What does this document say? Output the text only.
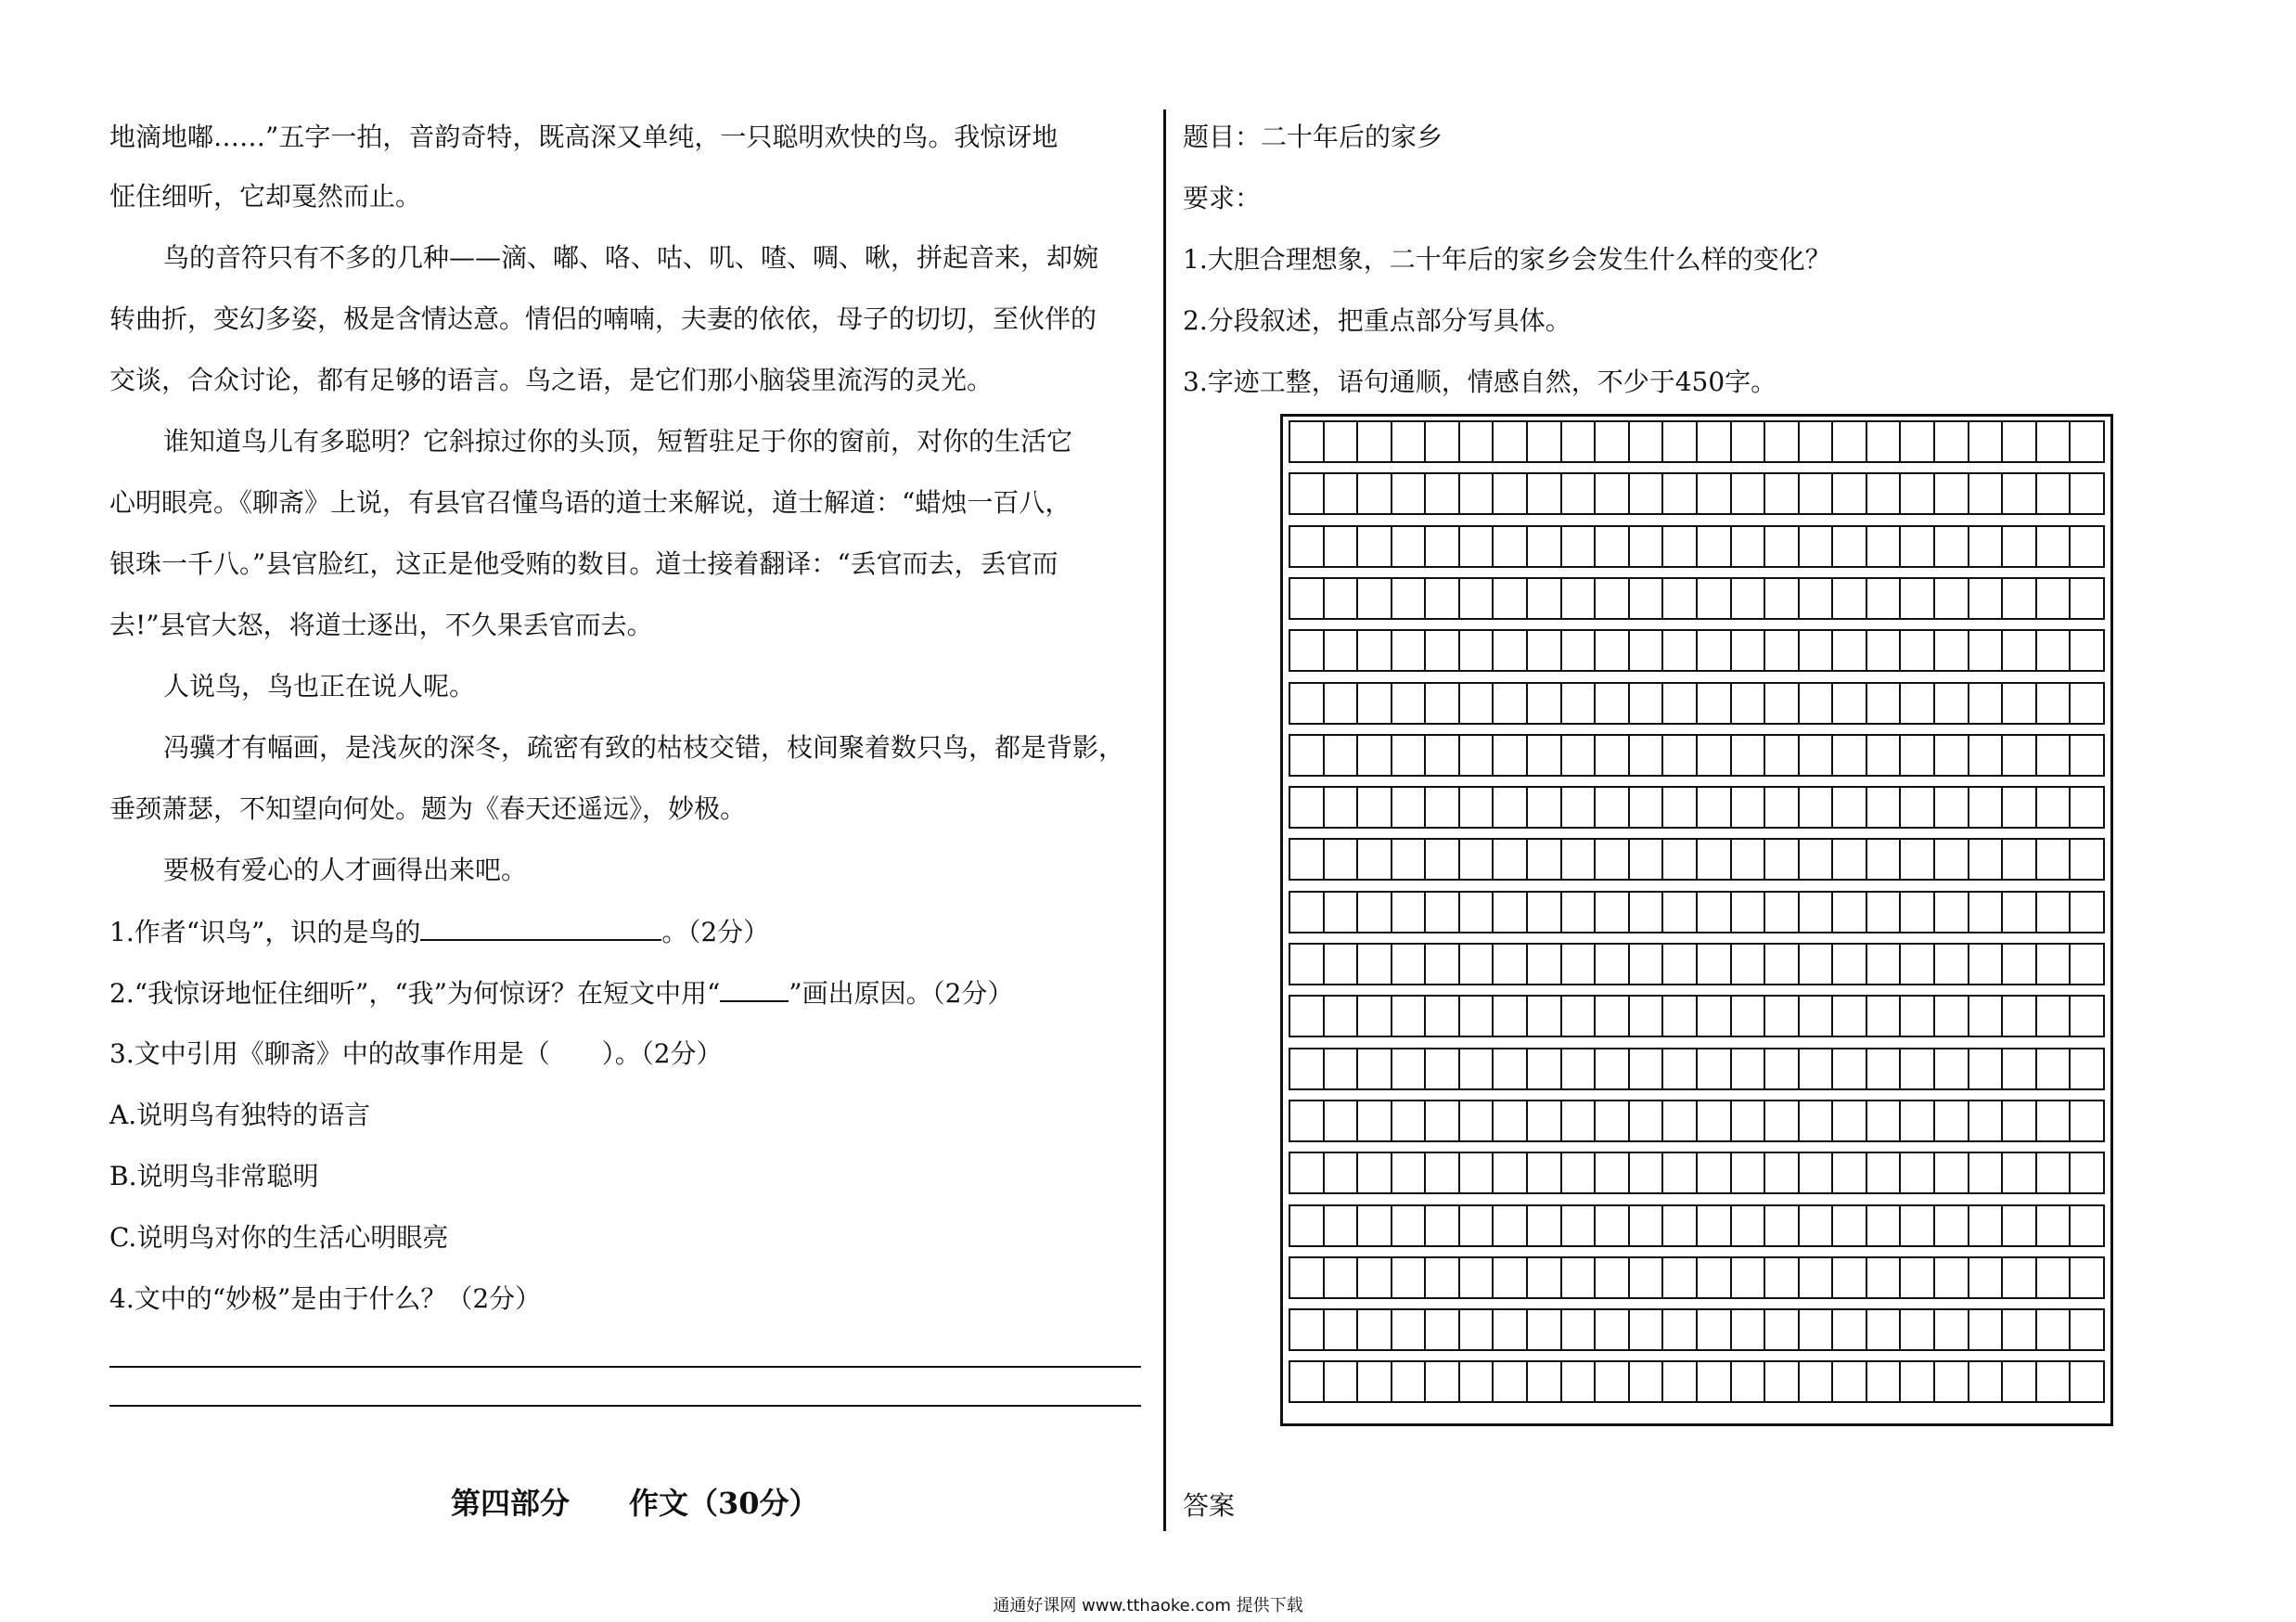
地滴地嘟……”五字一拍，音韵奇特，既高深又单纯，一只聪明欢快的鸟。我惊讶地
怔住细听，它却戛然而止。
鸟的音符只有不多的几种——滴、嘟、咯、咕、叽、喳、啁、啾，拼起音来，却婉
转曲折，变幻多姿，极是含情达意。情侣的喃喃，夫妻的依依，母子的切切，至伙伴的
交谈，合众讨论，都有足够的语言。鸟之语，是它们那小脑袋里流泻的灵光。
谁知道鸟儿有多聪明？它斜掠过你的头顶，短暂驻足于你的窗前，对你的生活它
心明眼亮。《聊斋》上说，有县官召懂鸟语的道士来解说，道士解道：“蜡烛一百八，
银珠一千八。”县官脸红，这正是他受贿的数目。道士接着翻译：“丢官而去，丢官而
去!”县官大怒，将道士逐出，不久果丢官而去。
人说鸟，鸟也正在说人呢。
冯骥才有幅画，是浅灰的深冬，疏密有致的枯枝交错，枝间聚着数只鸟，都是背影，
垂颈萧瑟，不知望向何处。题为《春天还遥远》，妙极。
要极有爱心的人才画得出来吧。
1.作者“识鸟”，识的是鸟的	。（2分）
2.“我惊讶地怔住细听”，“我”为何惊讶？在短文中用“	”画出原因。（2分）
3.文中引用《聊斋》中的故事作用是（　　）。（2分）
A.说明鸟有独特的语言
B.说明鸟非常聪明
C.说明鸟对你的生活心明眼亮
4.文中的“妙极”是由于什么？（2分）
第四部分　　作文（30分）
题目：二十年后的家乡
要求：
1.大胆合理想象，二十年后的家乡会发生什么样的变化？
2.分段叙述，把重点部分写具体。
3.字迹工整，语句通顺，情感自然，不少于450字。
答案
通通好课网 www.tthaoke.com 提供下载
